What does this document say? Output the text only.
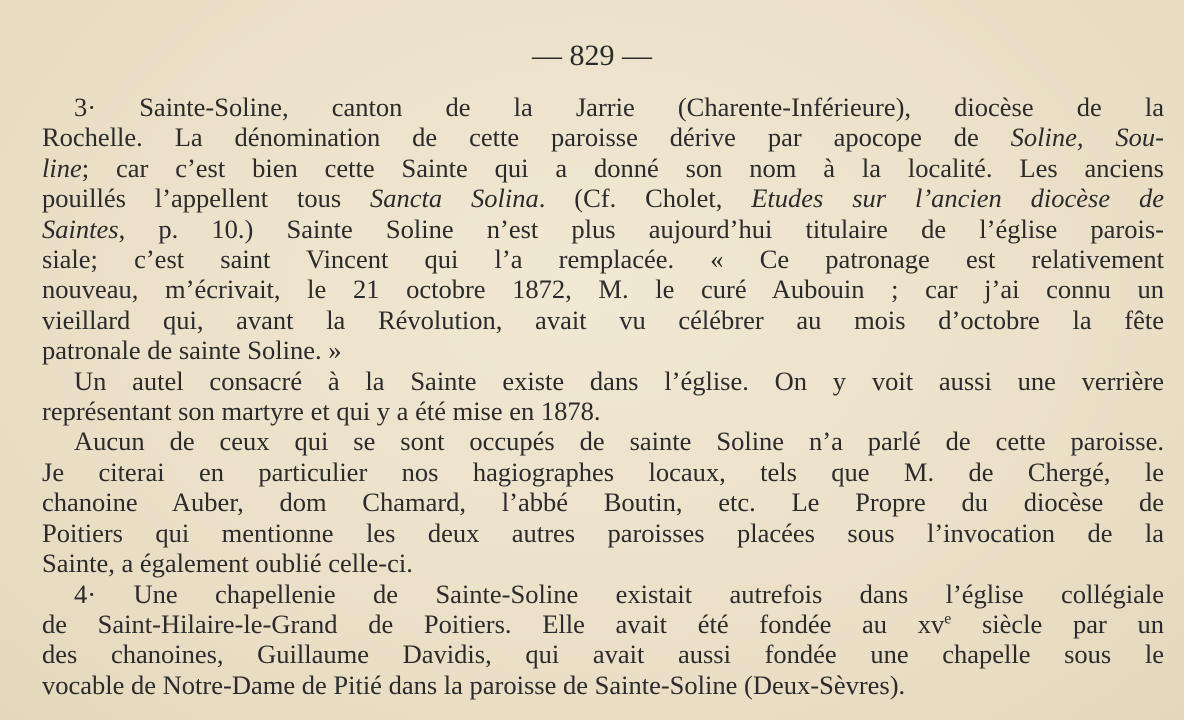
— 829 —

3· Sainte-Soline, canton de la Jarrie (Charente-Inférieure), diocèse de la
Rochelle. La dénomination de cette paroisse dérive par apocope de Soline, Sou-
line; car c’est bien cette Sainte qui a donné son nom à la localité. Les anciens
pouillés l’appellent tous Sancta Solina. (Cf. Cholet, Etudes sur l’ancien diocèse de
Saintes, p. 10.) Sainte Soline n’est plus aujourd’hui titulaire de l’église parois-
siale; c’est saint Vincent qui l’a remplacée. « Ce patronage est relativement
nouveau, m’écrivait, le 21 octobre 1872, M. le curé Aubouin ; car j’ai connu un
vieillard qui, avant la Révolution, avait vu célébrer au mois d’octobre la fête
patronale de sainte Soline. »

Un autel consacré à la Sainte existe dans l’église. On y voit aussi une verrière
représentant son martyre et qui y a été mise en 1878.

Aucun de ceux qui se sont occupés de sainte Soline n’a parlé de cette paroisse.
Je citerai en particulier nos hagiographes locaux, tels que M. de Chergé, le
chanoine Auber, dom Chamard, l’abbé Boutin, etc. Le Propre du diocèse de
Poitiers qui mentionne les deux autres paroisses placées sous l’invocation de la
Sainte, a également oublié celle-ci.

4· Une chapellenie de Sainte-Soline existait autrefois dans l’église collégiale
de Saint-Hilaire-le-Grand de Poitiers. Elle avait été fondée au $xv^e$ siècle par un
des chanoines, Guillaume Davidis, qui avait aussi fondée une chapelle sous le
vocable de Notre-Dame de Pitié dans la paroisse de Sainte-Soline (Deux-Sèvres).
